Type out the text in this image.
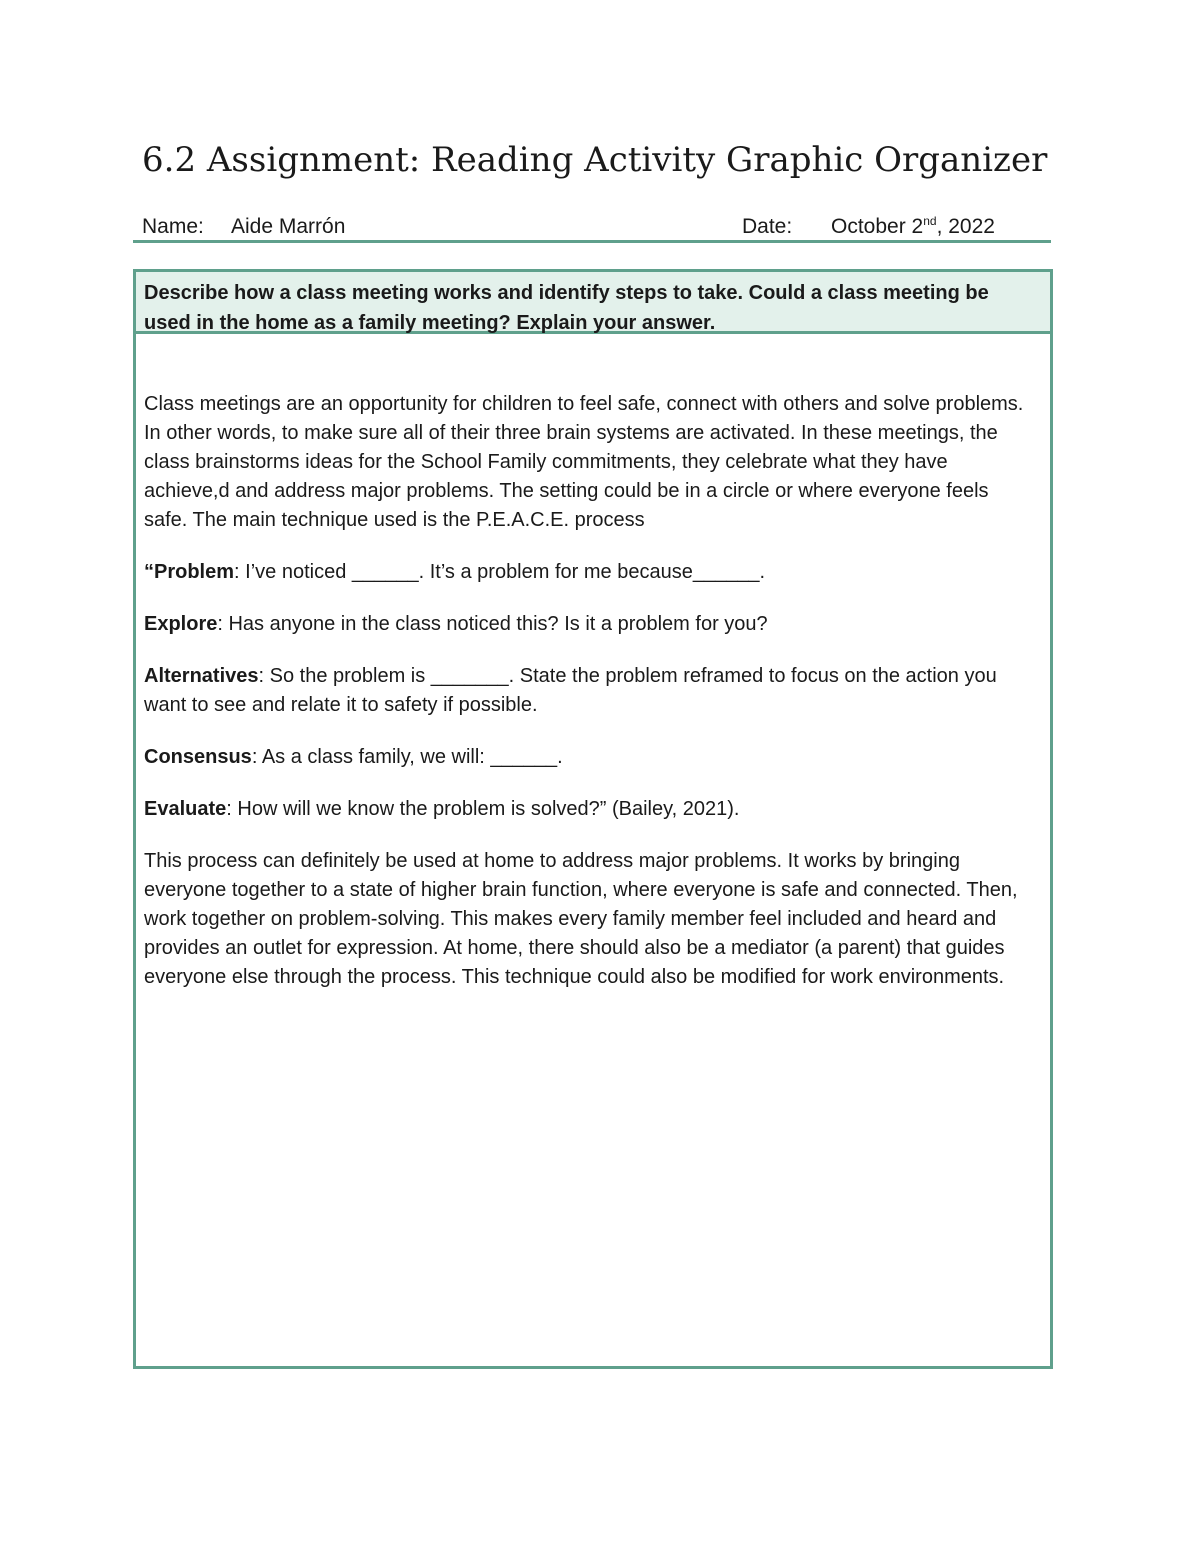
6.2 Assignment: Reading Activity Graphic Organizer
Name: Aide Marrón	Date: October 2nd, 2022
Describe how a class meeting works and identify steps to take. Could a class meeting be used in the home as a family meeting? Explain your answer.

Class meetings are an opportunity for children to feel safe, connect with others and solve problems. In other words, to make sure all of their three brain systems are activated. In these meetings, the class brainstorms ideas for the School Family commitments, they celebrate what they have achieve,d and address major problems. The setting could be in a circle or where everyone feels safe. The main technique used is the P.E.A.C.E. process

“Problem: I’ve noticed ______. It’s a problem for me because______.

Explore: Has anyone in the class noticed this? Is it a problem for you?

Alternatives: So the problem is _______. State the problem reframed to focus on the action you want to see and relate it to safety if possible.

Consensus: As a class family, we will: ______.

Evaluate: How will we know the problem is solved?” (Bailey, 2021).

This process can definitely be used at home to address major problems. It works by bringing everyone together to a state of higher brain function, where everyone is safe and connected. Then, work together on problem-solving. This makes every family member feel included and heard and provides an outlet for expression. At home, there should also be a mediator (a parent) that guides everyone else through the process. This technique could also be modified for work environments.
